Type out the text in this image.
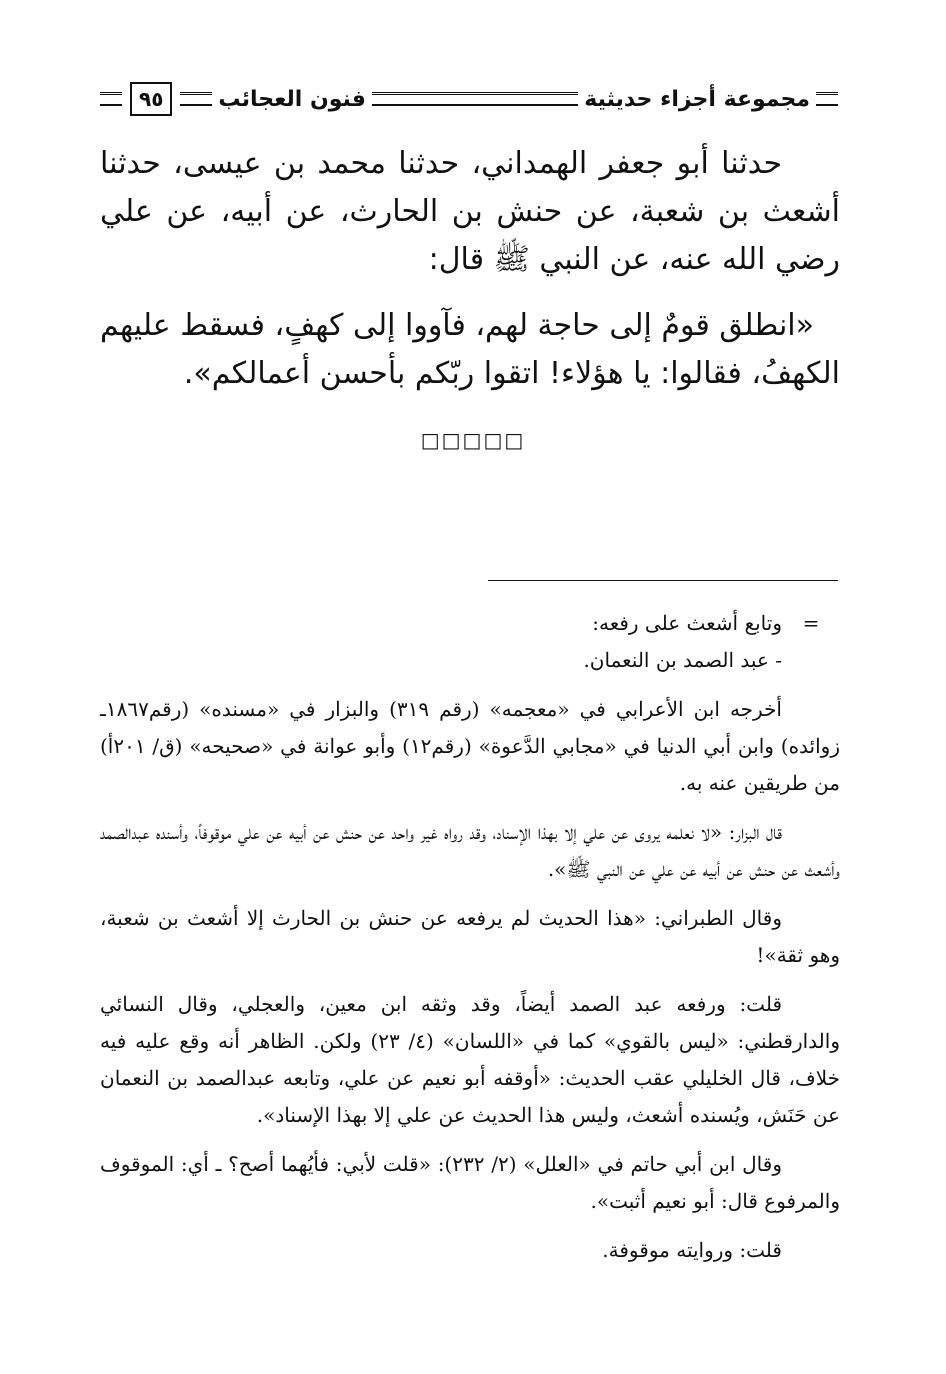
مجموعة أجزاء حديثية
فنون العجائب
٩٥

حدثنا أبو جعفر الهمداني، حدثنا محمد بن عيسى، حدثنا أشعث بن شعبة، عن حنش بن الحارث، عن أبيه، عن علي رضي الله عنه، عن النبي ﷺ قال:

«انطلق قومٌ إلى حاجة لهم، فآووا إلى كهفٍ، فسقط عليهم الكهفُ، فقالوا: يا هؤلاء! اتقوا ربّكم بأحسن أعمالكم».

□□□□□

=وتابع أشعث على رفعه:

- عبد الصمد بن النعمان.

أخرجه ابن الأعرابي في «معجمه» (رقم ٣١٩) والبزار في «مسنده» (رقم١٨٦٧ـ زوائده) وابن أبي الدنيا في «مجابي الدَّعوة» (رقم١٢) وأبو عوانة في «صحيحه» (ق/ ٢٠١أ) من طريقين عنه به.

قال البزار: «لا نعلمه يروى عن علي إلا بهذا الإسناد، وقد رواه غير واحد عن حنش عن أبيه عن علي موقوفاً، وأسنده عبدالصمد وأشعث عن حنش عن أبيه عن علي عن النبي ﷺ».

وقال الطبراني: «هذا الحديث لم يرفعه عن حنش بن الحارث إلا أشعث بن شعبة، وهو ثقة»!

قلت: ورفعه عبد الصمد أيضاً، وقد وثقه ابن معين، والعجلي، وقال النسائي والدارقطني: «ليس بالقوي» كما في «اللسان» (٤/ ٢٣) ولكن. الظاهر أنه وقع عليه فيه خلاف، قال الخليلي عقب الحديث: «أوقفه أبو نعيم عن علي، وتابعه عبدالصمد بن النعمان عن حَنَش، ويُسنده أشعث، وليس هذا الحديث عن علي إلا بهذا الإسناد».

وقال ابن أبي حاتم في «العلل» (٢/ ٢٣٢): «قلت لأبي: فأيُهما أصح؟ ـ أي: الموقوف والمرفوع قال: أبو نعيم أثبت».

قلت: وروايته موقوفة.
